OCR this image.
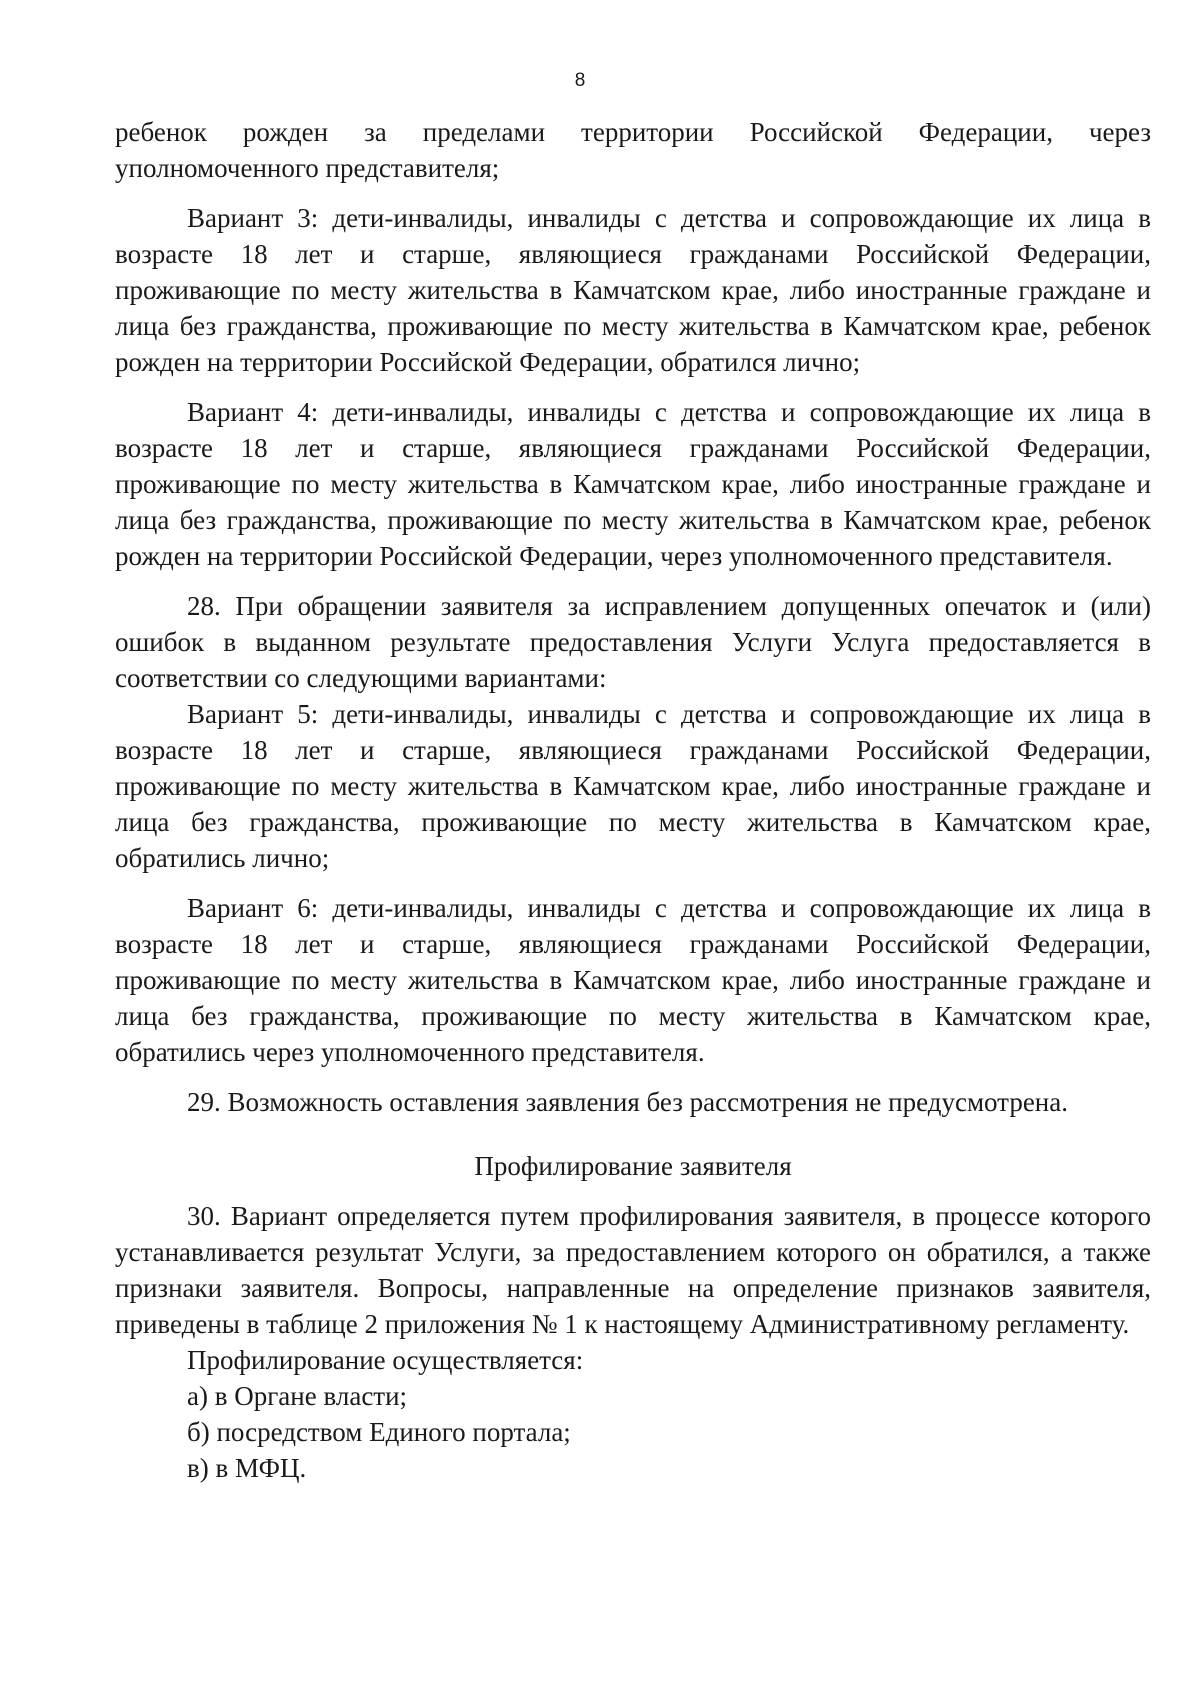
8

ребенок рожден за пределами территории Российской Федерации, через уполномоченного представителя;

Вариант 3: дети-инвалиды, инвалиды с детства и сопровождающие их лица в возрасте 18 лет и старше, являющиеся гражданами Российской Федерации, проживающие по месту жительства в Камчатском крае, либо иностранные граждане и лица без гражданства, проживающие по месту жительства в Камчатском крае, ребенок рожден на территории Российской Федерации, обратился лично;

Вариант 4: дети-инвалиды, инвалиды с детства и сопровождающие их лица в возрасте 18 лет и старше, являющиеся гражданами Российской Федерации, проживающие по месту жительства в Камчатском крае, либо иностранные граждане и лица без гражданства, проживающие по месту жительства в Камчатском крае, ребенок рожден на территории Российской Федерации, через уполномоченного представителя.

28. При обращении заявителя за исправлением допущенных опечаток и (или) ошибок в выданном результате предоставления Услуги Услуга предоставляется в соответствии со следующими вариантами:

Вариант 5: дети-инвалиды, инвалиды с детства и сопровождающие их лица в возрасте 18 лет и старше, являющиеся гражданами Российской Федерации, проживающие по месту жительства в Камчатском крае, либо иностранные граждане и лица без гражданства, проживающие по месту жительства в Камчатском крае, обратились лично;

Вариант 6: дети-инвалиды, инвалиды с детства и сопровождающие их лица в возрасте 18 лет и старше, являющиеся гражданами Российской Федерации, проживающие по месту жительства в Камчатском крае, либо иностранные граждане и лица без гражданства, проживающие по месту жительства в Камчатском крае, обратились через уполномоченного представителя.

29. Возможность оставления заявления без рассмотрения не предусмотрена.

Профилирование заявителя

30. Вариант определяется путем профилирования заявителя, в процессе которого устанавливается результат Услуги, за предоставлением которого он обратился, а также признаки заявителя. Вопросы, направленные на определение признаков заявителя, приведены в таблице 2 приложения № 1 к настоящему Административному регламенту.

Профилирование осуществляется:

а) в Органе власти;

б) посредством Единого портала;

в) в МФЦ.
